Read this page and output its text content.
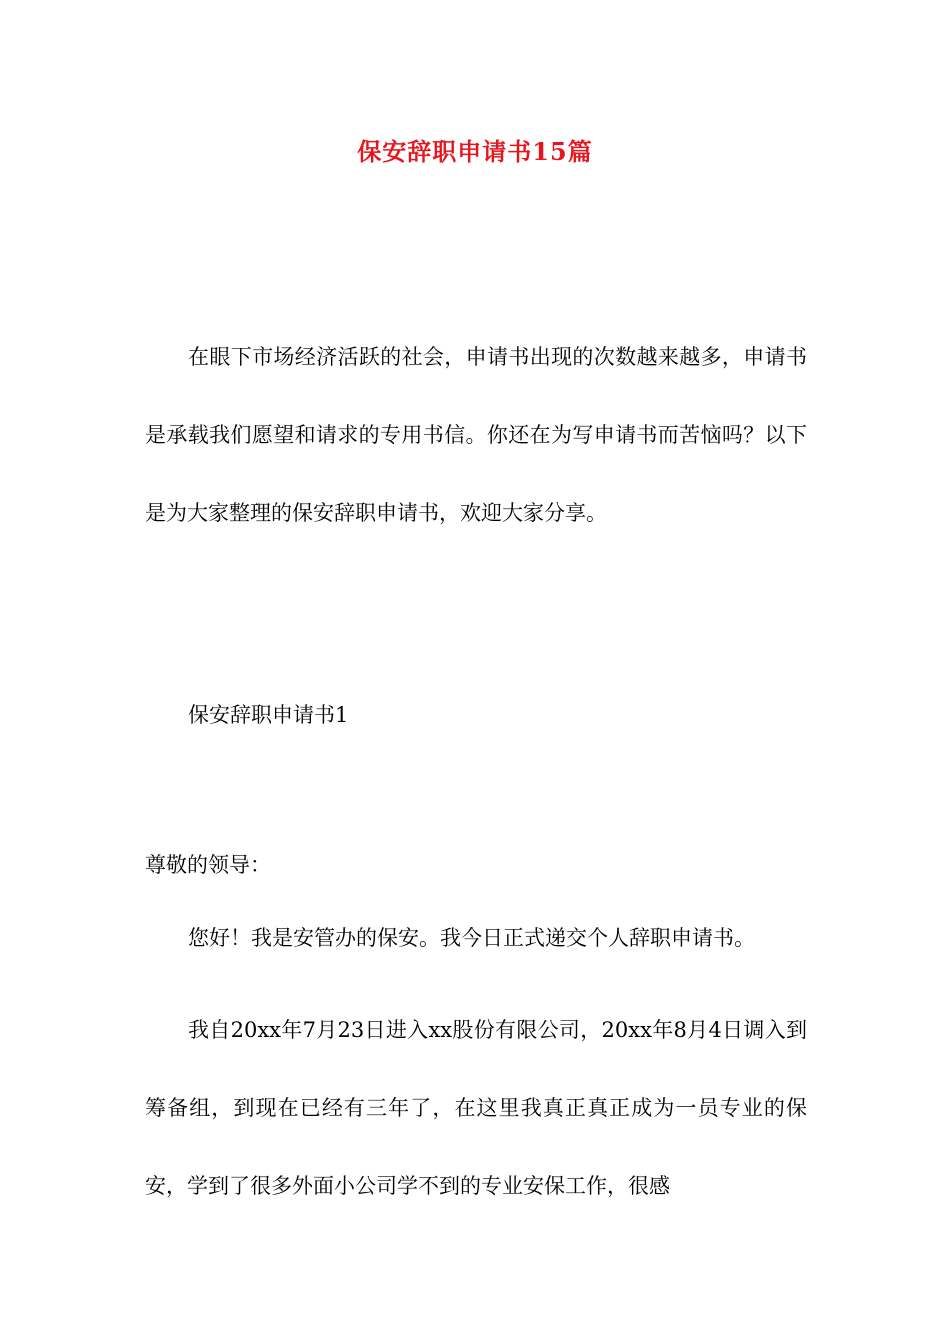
保安辞职申请书15篇
在眼下市场经济活跃的社会，申请书出现的次数越来越多，申请书是承载我们愿望和请求的专用书信。你还在为写申请书而苦恼吗？以下是为大家整理的保安辞职申请书，欢迎大家分享。
保安辞职申请书1
尊敬的领导：
您好！我是安管办的保安。我今日正式递交个人辞职申请书。
我自20xx年7月23日进入xx股份有限公司，20xx年8月4日调入到筹备组，到现在已经有三年了，在这里我真正真正成为一员专业的保安，学到了很多外面小公司学不到的专业安保工作，很感
